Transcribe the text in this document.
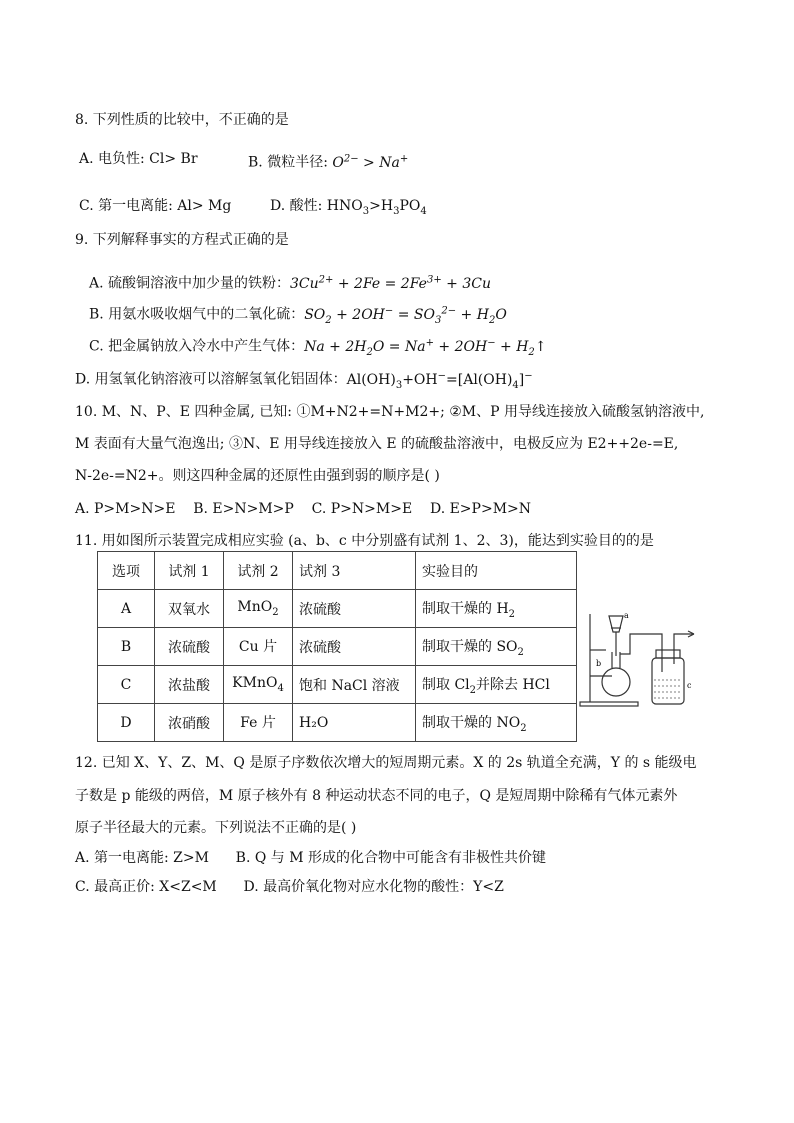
8. 下列性质的比较中，不正确的是
A. 电负性: Cl> Br	B. 微粒半径: $O^{2-} > Na^+$
C. 第一电离能: Al> Mg	D. 酸性: $HNO_3>H_3PO_4$
9. 下列解释事实的方程式正确的是
A. 硫酸铜溶液中加少量的铁粉：$3Cu^{2+} + 2Fe = 2Fe^{3+} + 3Cu$
B. 用氨水吸收烟气中的二氧化硫：$SO_2 + 2OH^- = SO_3^{2-} + H_2O$
C. 把金属钠放入冷水中产生气体：$Na + 2H_2O = Na^+ + 2OH^-$ + $H_2↑$
D. 用氢氧化钠溶液可以溶解氢氧化铝固体：$Al(OH)_3+OH^-=[Al(OH)_4]^-$
10. M、N、P、E 四种金属, 已知: ①M+N2+=N+M2+; ②M、P 用导线连接放入硫酸氢钠溶液中,
M 表面有大量气泡逸出; ③N、E 用导线连接放入 E 的硫酸盐溶液中，电极反应为 E2++2e-=E,
N-2e-=N2+。则这四种金属的还原性由强到弱的顺序是( )
A. P>M>N>E    B. E>N>M>P    C. P>N>M>E    D. E>P>M>N
11. 用如图所示装置完成相应实验 (a、b、c 中分别盛有试剂 1、2、3)，能达到实验目的的是
选项	试剂 1	试剂 2	试剂 3	实验目的
A	双氧水	MnO$_2$	浓硫酸	制取干燥的 $H_2$
B	浓硫酸	Cu 片	浓硫酸	制取干燥的 $SO_2$
C	浓盐酸	KMnO$_4$	饱和 NaCl 溶液	制取 $Cl_2$并除去 HCl
D	浓硝酸	Fe 片	H₂O	制取干燥的 $NO_2$
a
b
c
12. 已知 X、Y、Z、M、Q 是原子序数依次增大的短周期元素。X 的 2s 轨道全充满，Y 的 s 能级电
子数是 p 能级的两倍，M 原子核外有 8 种运动状态不同的电子，Q 是短周期中除稀有气体元素外
原子半径最大的元素。下列说法不正确的是( )
A. 第一电离能: Z>M      B. Q 与 M 形成的化合物中可能含有非极性共价键
C. 最高正价: X<Z<M      D. 最高价氧化物对应水化物的酸性：Y<Z
